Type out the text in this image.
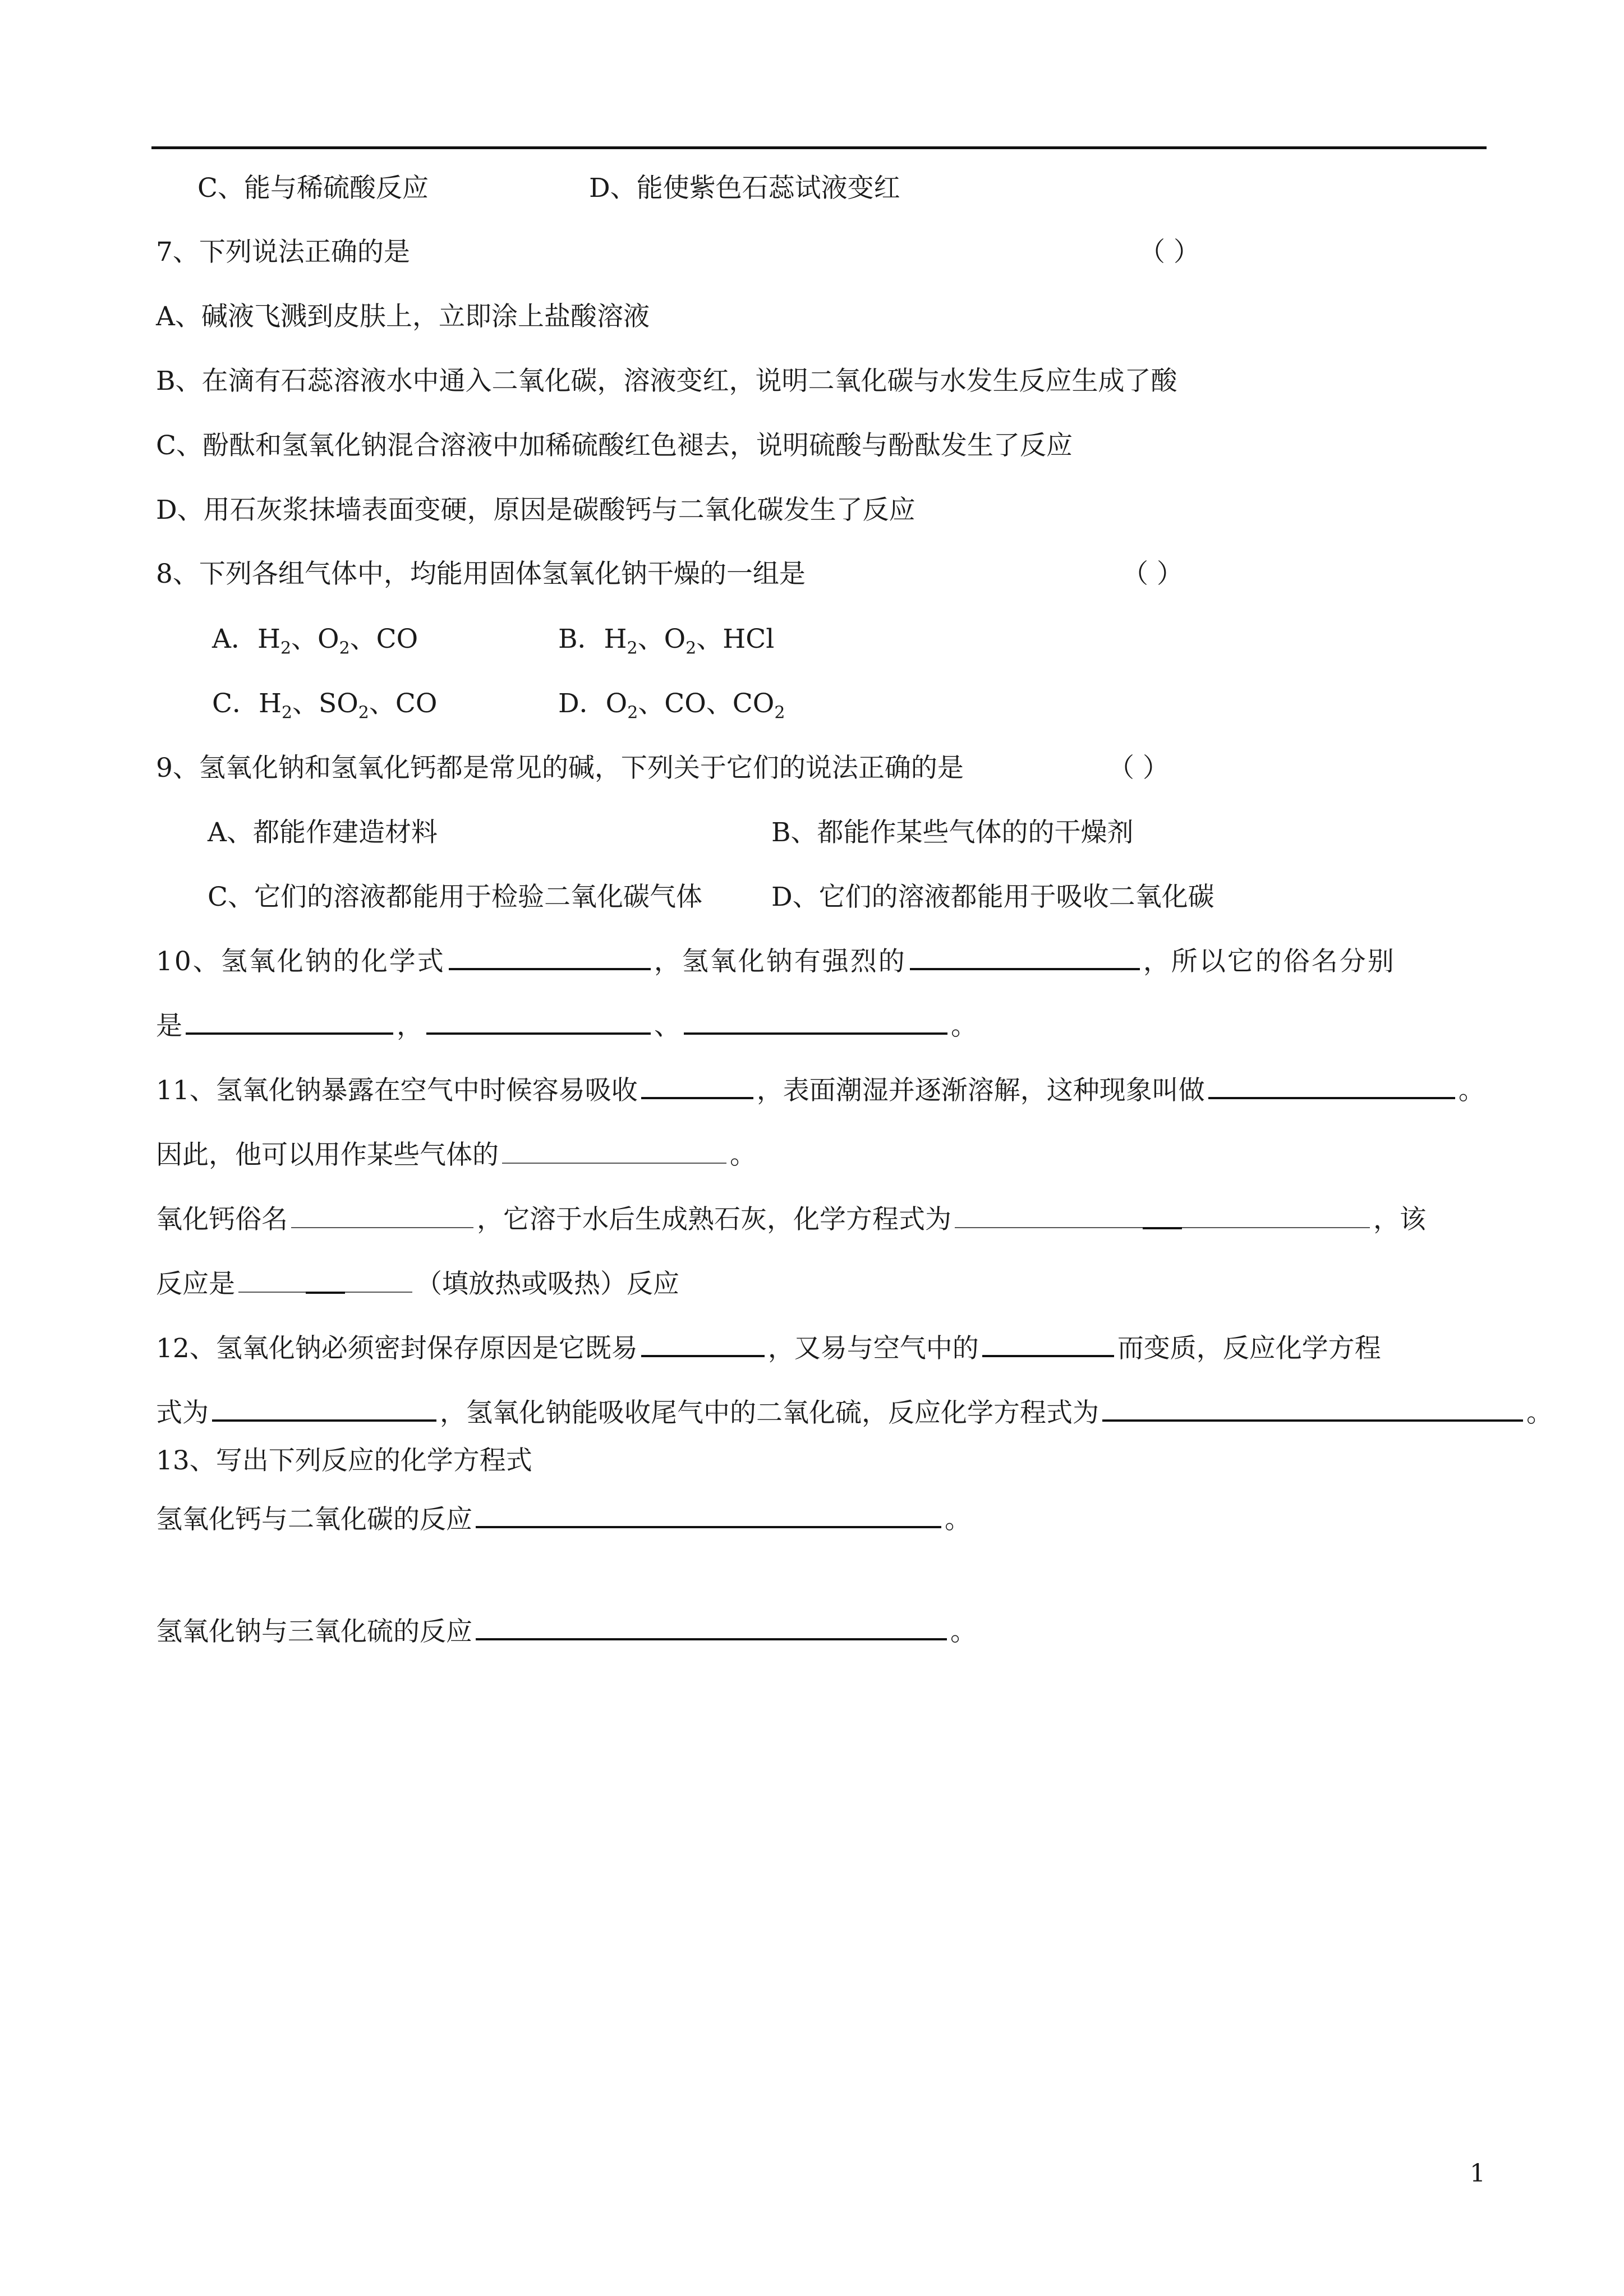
C、能与稀硫酸反应	D、能使紫色石蕊试液变红
7、下列说法正确的是	（ ）
A、碱液飞溅到皮肤上，立即涂上盐酸溶液
B、在滴有石蕊溶液水中通入二氧化碳，溶液变红，说明二氧化碳与水发生反应生成了酸
C、酚酞和氢氧化钠混合溶液中加稀硫酸红色褪去，说明硫酸与酚酞发生了反应
D、用石灰浆抹墙表面变硬，原因是碳酸钙与二氧化碳发生了反应
8、下列各组气体中，均能用固体氢氧化钠干燥的一组是	（ ）
A．$H_2$、$O_2$、CO	B．$H_2$、$O_2$、HCl
C．$H_2$、$SO_2$、CO	D．$O_2$、CO、$CO_2$
9、氢氧化钠和氢氧化钙都是常见的碱，下列关于它们的说法正确的是	（ ）
A、都能作建造材料	B、都能作某些气体的的干燥剂
C、它们的溶液都能用于检验二氧化碳气体	D、它们的溶液都能用于吸收二氧化碳
10、氢氧化钠的化学式	，氢氧化钠有强烈的	，所以它的俗名分别
是	，	、	。
11、氢氧化钠暴露在空气中时候容易吸收	，表面潮湿并逐渐溶解，这种现象叫做	。
因此，他可以用作某些气体的	。
氧化钙俗名	，它溶于水后生成熟石灰，化学方程式为	，该
反应是	（填放热或吸热）反应
12、氢氧化钠必须密封保存原因是它既易	，又易与空气中的	而变质，反应化学方程
式为	，氢氧化钠能吸收尾气中的二氧化硫，反应化学方程式为	。
13、写出下列反应的化学方程式
氢氧化钙与二氧化碳的反应	。
氢氧化钠与三氧化硫的反应	。
1
